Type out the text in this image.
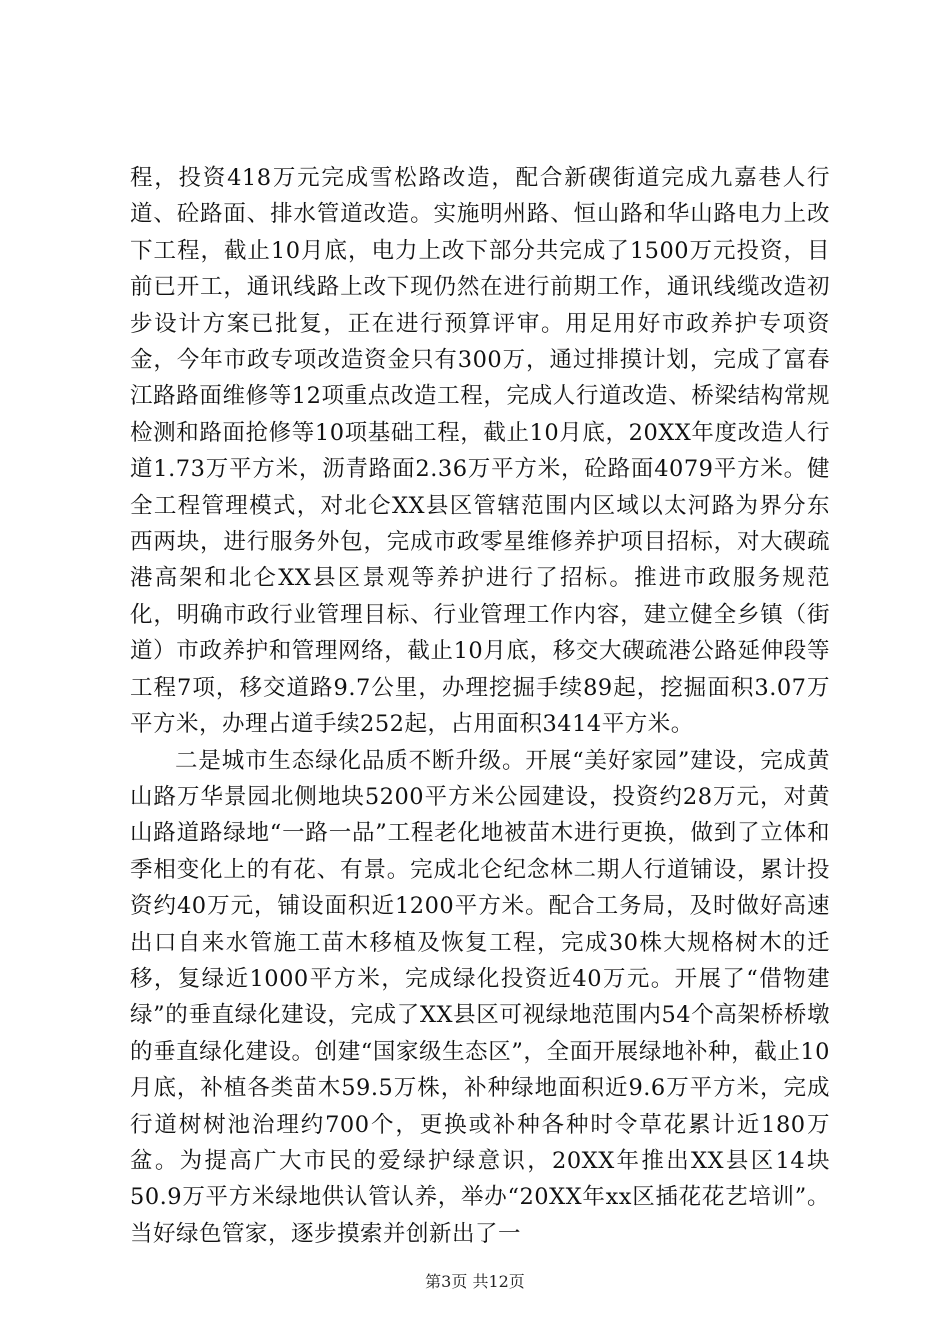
程，投资418万元完成雪松路改造，配合新碶街道完成九嘉巷人行道、砼路面、排水管道改造。实施明州路、恒山路和华山路电力上改下工程，截止10月底，电力上改下部分共完成了1500万元投资，目前已开工，通讯线路上改下现仍然在进行前期工作，通讯线缆改造初步设计方案已批复，正在进行预算评审。用足用好市政养护专项资金，今年市政专项改造资金只有300万，通过排摸计划，完成了富春江路路面维修等12项重点改造工程，完成人行道改造、桥梁结构常规检测和路面抢修等10项基础工程，截止10月底，20XX年度改造人行道1.73万平方米，沥青路面2.36万平方米，砼路面4079平方米。健全工程管理模式，对北仑XX县区管辖范围内区域以太河路为界分东西两块，进行服务外包，完成市政零星维修养护项目招标，对大碶疏港高架和北仑XX县区景观等养护进行了招标。推进市政服务规范化，明确市政行业管理目标、行业管理工作内容，建立健全乡镇（街道）市政养护和管理网络，截止10月底，移交大碶疏港公路延伸段等工程7项，移交道路9.7公里，办理挖掘手续89起，挖掘面积3.07万平方米，办理占道手续252起，占用面积3414平方米。

二是城市生态绿化品质不断升级。开展“美好家园”建设，完成黄山路万华景园北侧地块5200平方米公园建设，投资约28万元，对黄山路道路绿地“一路一品”工程老化地被苗木进行更换，做到了立体和季相变化上的有花、有景。完成北仑纪念林二期人行道铺设，累计投资约40万元，铺设面积近1200平方米。配合工务局，及时做好高速出口自来水管施工苗木移植及恢复工程，完成30株大规格树木的迁移，复绿近1000平方米，完成绿化投资近40万元。开展了“借物建绿”的垂直绿化建设，完成了XX县区可视绿地范围内54个高架桥桥墩的垂直绿化建设。创建“国家级生态区”，全面开展绿地补种，截止10月底，补植各类苗木59.5万株，补种绿地面积近9.6万平方米，完成行道树树池治理约700个，更换或补种各种时令草花累计近180万盆。为提高广大市民的爱绿护绿意识，20XX年推出XX县区14块50.9万平方米绿地供认管认养，举办“20XX年xx区插花花艺培训”。当好绿色管家，逐步摸索并创新出了一

第3页 共12页
